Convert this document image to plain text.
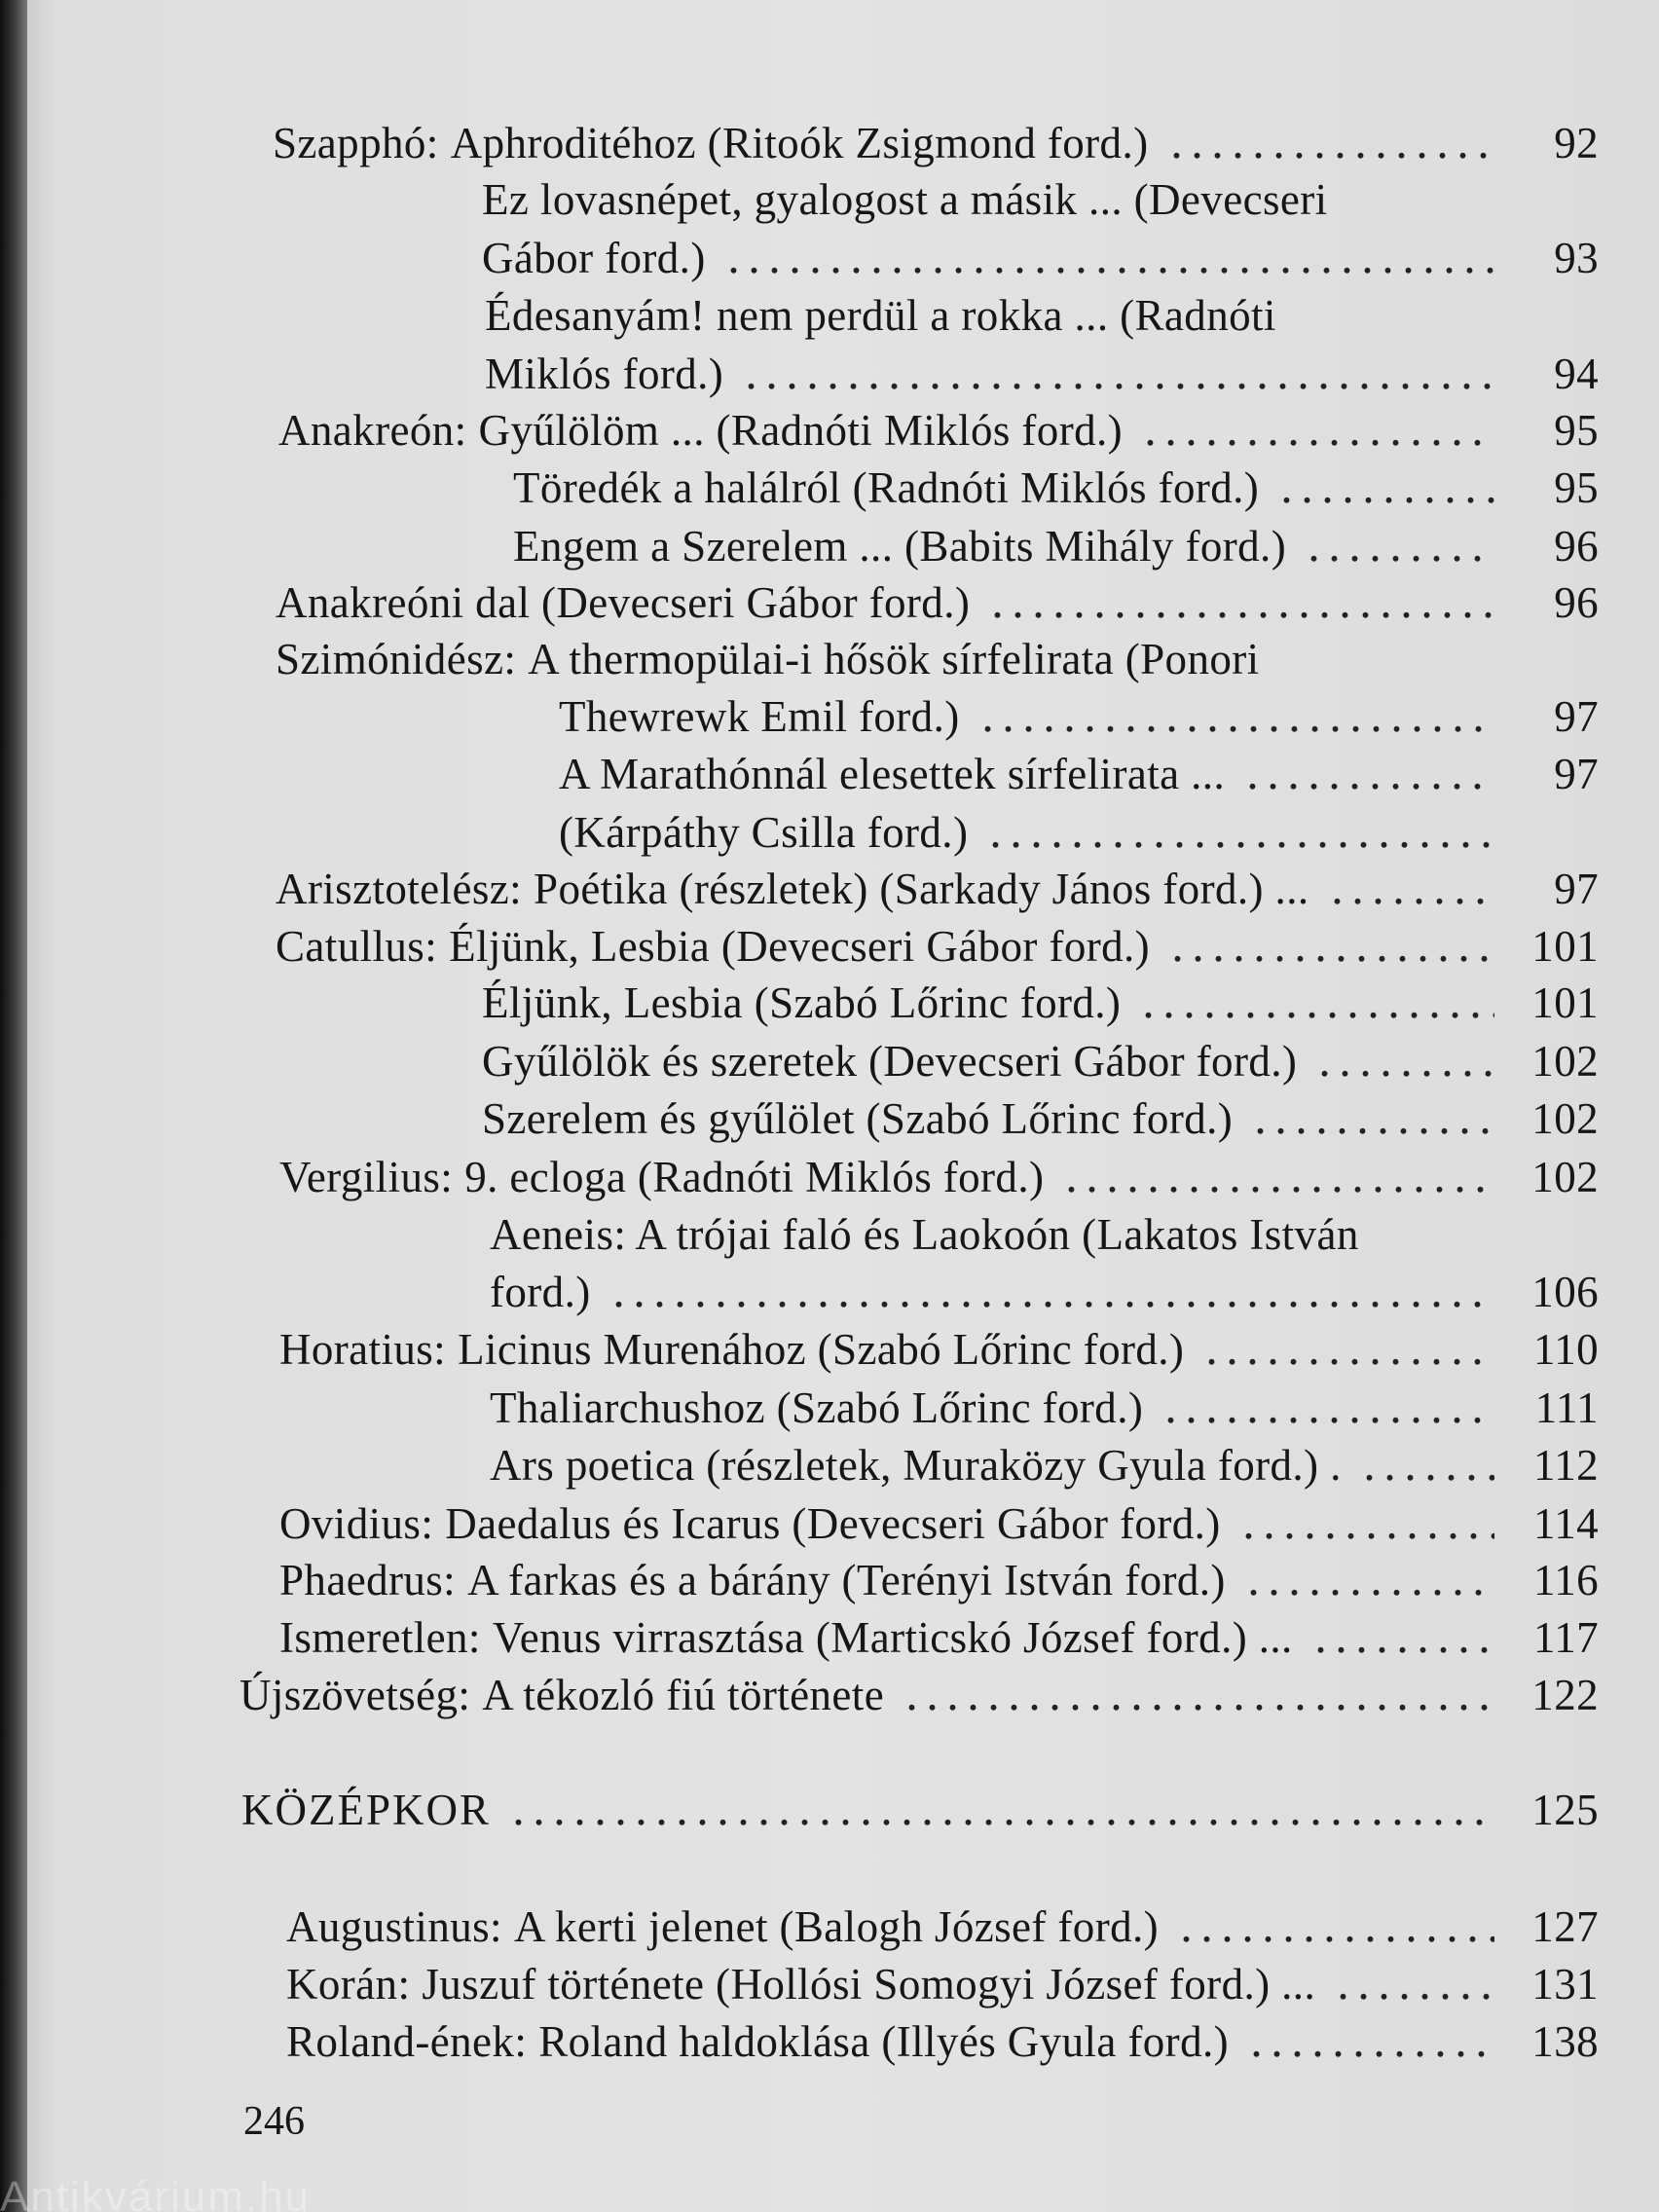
Szapphó: Aphroditéhoz (Ritoók Zsigmond ford.)	92
Ez lovasnépet, gyalogost a másik ... (Devecseri
Gábor ford.)	93
Édesanyám! nem perdül a rokka ... (Radnóti
Miklós ford.)	94
Anakreón: Gyűlölöm ... (Radnóti Miklós ford.)	95
Töredék a halálról (Radnóti Miklós ford.)	95
Engem a Szerelem ... (Babits Mihály ford.)	96
Anakreóni dal (Devecseri Gábor ford.)	96
Szimónidész: A thermopülai-i hősök sírfelirata (Ponori
Thewrewk Emil ford.)	97
A Marathónnál elesettek sírfelirata ...	97
(Kárpáthy Csilla ford.)
Arisztotelész: Poétika (részletek) (Sarkady János ford.) ...	97
Catullus: Éljünk, Lesbia (Devecseri Gábor ford.)	101
Éljünk, Lesbia (Szabó Lőrinc ford.)	101
Gyűlölök és szeretek (Devecseri Gábor ford.)	102
Szerelem és gyűlölet (Szabó Lőrinc ford.)	102
Vergilius: 9. ecloga (Radnóti Miklós ford.)	102
Aeneis: A trójai faló és Laokoón (Lakatos István
ford.)	106
Horatius: Licinus Murenához (Szabó Lőrinc ford.)	110
Thaliarchushoz (Szabó Lőrinc ford.)	111
Ars poetica (részletek, Muraközy Gyula ford.) .	112
Ovidius: Daedalus és Icarus (Devecseri Gábor ford.)	114
Phaedrus: A farkas és a bárány (Terényi István ford.)	116
Ismeretlen: Venus virrasztása (Marticskó József ford.) ...	117
Újszövetség: A tékozló fiú története	122
KÖZÉPKOR	125
Augustinus: A kerti jelenet (Balogh József ford.)	127
Korán: Juszuf története (Hollósi Somogyi József ford.) ...	131
Roland-ének: Roland haldoklása (Illyés Gyula ford.)	138
246
Antikvárium.hu
